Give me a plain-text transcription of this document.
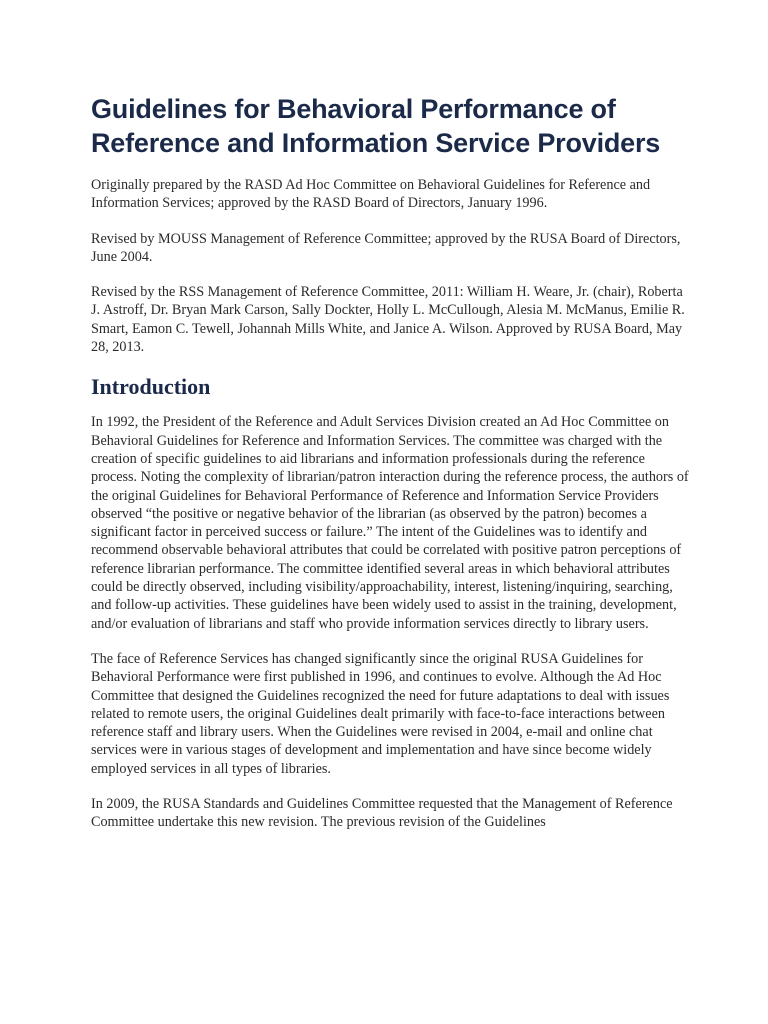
Guidelines for Behavioral Performance of Reference and Information Service Providers

Originally prepared by the RASD Ad Hoc Committee on Behavioral Guidelines for Reference and Information Services; approved by the RASD Board of Directors, January 1996.

Revised by MOUSS Management of Reference Committee; approved by the RUSA Board of Directors, June 2004.

Revised by the RSS Management of Reference Committee, 2011: William H. Weare, Jr. (chair), Roberta J. Astroff, Dr. Bryan Mark Carson, Sally Dockter, Holly L. McCullough, Alesia M. McManus, Emilie R. Smart, Eamon C. Tewell, Johannah Mills White, and Janice A. Wilson. Approved by RUSA Board, May 28, 2013.

Introduction

In 1992, the President of the Reference and Adult Services Division created an Ad Hoc Committee on Behavioral Guidelines for Reference and Information Services. The committee was charged with the creation of specific guidelines to aid librarians and information professionals during the reference process. Noting the complexity of librarian/patron interaction during the reference process, the authors of the original Guidelines for Behavioral Performance of Reference and Information Service Providers observed “the positive or negative behavior of the librarian (as observed by the patron) becomes a significant factor in perceived success or failure.” The intent of the Guidelines was to identify and recommend observable behavioral attributes that could be correlated with positive patron perceptions of reference librarian performance. The committee identified several areas in which behavioral attributes could be directly observed, including visibility/approachability, interest, listening/inquiring, searching, and follow-up activities. These guidelines have been widely used to assist in the training, development, and/or evaluation of librarians and staff who provide information services directly to library users.

The face of Reference Services has changed significantly since the original RUSA Guidelines for Behavioral Performance were first published in 1996, and continues to evolve. Although the Ad Hoc Committee that designed the Guidelines recognized the need for future adaptations to deal with issues related to remote users, the original Guidelines dealt primarily with face-to-face interactions between reference staff and library users. When the Guidelines were revised in 2004, e-mail and online chat services were in various stages of development and implementation and have since become widely employed services in all types of libraries.

In 2009, the RUSA Standards and Guidelines Committee requested that the Management of Reference Committee undertake this new revision. The previous revision of the Guidelines
